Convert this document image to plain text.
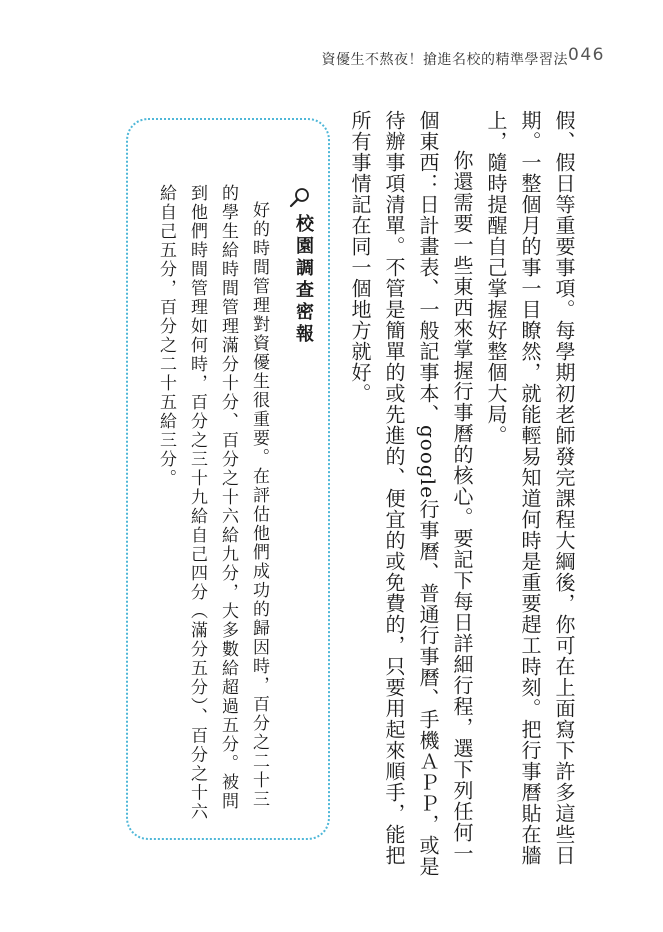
資優生不熬夜！搶進名校的精準學習法 046

假、假日等重要事項。每學期初老師發完課程大綱後，你可在上面寫下許多這些日期。一整個月的事一目瞭然，就能輕易知道何時是重要趕工時刻。把行事曆貼在牆上，隨時提醒自己掌握好整個大局。

你還需要一些東西來掌握行事曆的核心。要記下每日詳細行程，選下列任何一個東西：日計畫表、一般記事本、google行事曆、普通行事曆、手機ＡＰＰ，或是待辦事項清單。不管是簡單的或先進的、便宜的或免費的，只要用起來順手，能把所有事情記在同一個地方就好。

校園調查密報

好的時間管理對資優生很重要。在評估他們成功的歸因時，百分之二十三的學生給時間管理滿分十分、百分之十六給九分，大多數給超過五分。被問到他們時間管理如何時，百分之三十九給自己四分（滿分五分）、百分之十六給自己五分，百分之二十五給三分。
